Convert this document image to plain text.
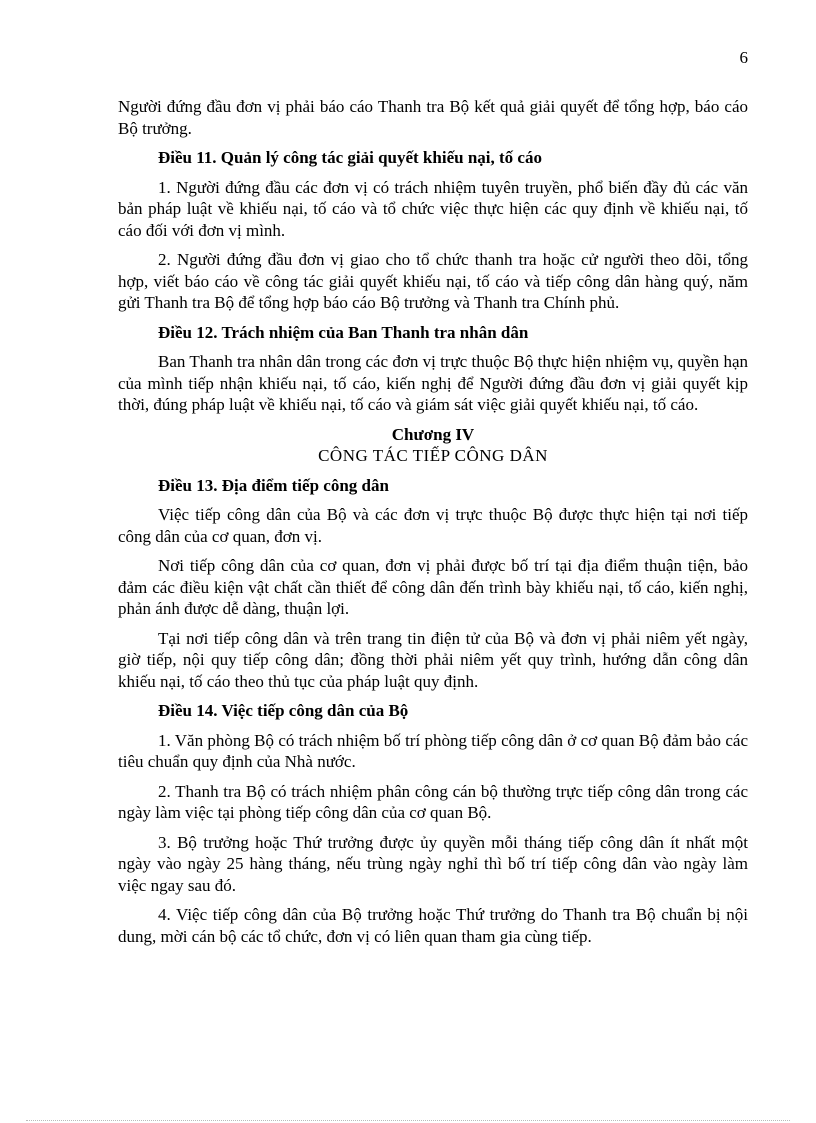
6

Người đứng đầu đơn vị phải báo cáo Thanh tra Bộ kết quả giải quyết để tổng hợp, báo cáo Bộ trưởng.

Điều 11. Quản lý công tác giải quyết khiếu nại, tố cáo

1. Người đứng đầu các đơn vị có trách nhiệm tuyên truyền, phổ biến đầy đủ các văn bản pháp luật về khiếu nại, tố cáo và tổ chức việc thực hiện các quy định về khiếu nại, tố cáo đối với đơn vị mình.

2. Người đứng đầu đơn vị giao cho tổ chức thanh tra hoặc cử người theo dõi, tổng hợp, viết báo cáo về công tác giải quyết khiếu nại, tố cáo và tiếp công dân hàng quý, năm gửi Thanh tra Bộ để tổng hợp báo cáo Bộ trưởng và Thanh tra Chính phủ.

Điều 12. Trách nhiệm của Ban Thanh tra nhân dân

Ban Thanh tra nhân dân trong các đơn vị trực thuộc Bộ thực hiện nhiệm vụ, quyền hạn của mình tiếp nhận khiếu nại, tố cáo, kiến nghị để Người đứng đầu đơn vị giải quyết kịp thời, đúng pháp luật về khiếu nại, tố cáo và giám sát việc giải quyết khiếu nại, tố cáo.

Chương IV
CÔNG TÁC TIẾP CÔNG DÂN

Điều 13. Địa điểm tiếp công dân

Việc tiếp công dân của Bộ và các đơn vị trực thuộc Bộ được thực hiện tại nơi tiếp công dân của cơ quan, đơn vị.

Nơi tiếp công dân của cơ quan, đơn vị phải được bố trí tại địa điểm thuận tiện, bảo đảm các điều kiện vật chất cần thiết để công dân đến trình bày khiếu nại, tố cáo, kiến nghị, phản ánh được dễ dàng, thuận lợi.

Tại nơi tiếp công dân và trên trang tin điện tử của Bộ và đơn vị phải niêm yết ngày, giờ tiếp, nội quy tiếp công dân; đồng thời phải niêm yết quy trình, hướng dẫn công dân khiếu nại, tố cáo theo thủ tục của pháp luật quy định.

Điều 14. Việc tiếp công dân của Bộ

1. Văn phòng Bộ có trách nhiệm bố trí phòng tiếp công dân ở cơ quan Bộ đảm bảo các tiêu chuẩn quy định của Nhà nước.

2. Thanh tra Bộ có trách nhiệm phân công cán bộ thường trực tiếp công dân trong các ngày làm việc tại phòng tiếp công dân của cơ quan Bộ.

3. Bộ trưởng hoặc Thứ trưởng được ủy quyền mỗi tháng tiếp công dân ít nhất một ngày vào ngày 25 hàng tháng, nếu trùng ngày nghỉ thì bố trí tiếp công dân vào ngày làm việc ngay sau đó.

4. Việc tiếp công dân của Bộ trưởng hoặc Thứ trưởng do Thanh tra Bộ chuẩn bị nội dung, mời cán bộ các tổ chức, đơn vị có liên quan tham gia cùng tiếp.
